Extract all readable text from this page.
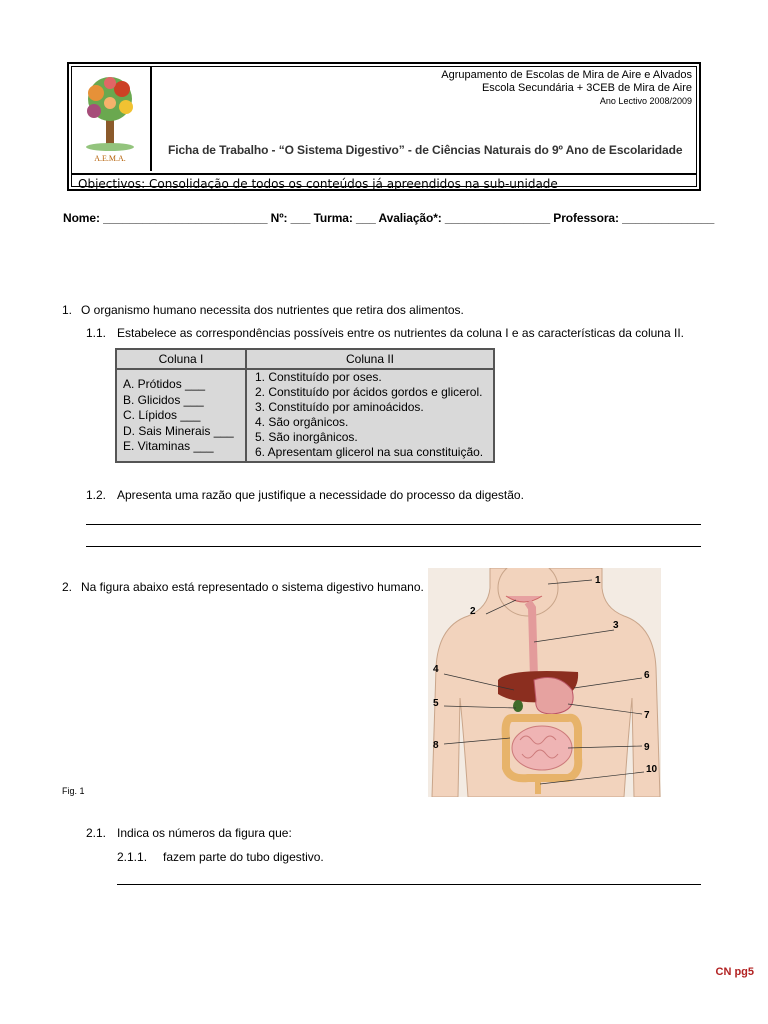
A.E.M.A.
Agrupamento de Escolas de Mira de Aire e Alvados
Escola Secundária + 3CEB de Mira de Aire
Ano Lectivo 2008/2009
Ficha de Trabalho - “O Sistema Digestivo” - de Ciências Naturais do 9º Ano de Escolaridade
Objectivos: Consolidação de todos os conteúdos já apreendidos na sub-unidade
Nome: _________________________ Nº: ___ Turma: ___ Avaliação*: ________________ Professora: ______________
1. O organismo humano necessita dos nutrientes que retira dos alimentos.
1.1. Estabelece as correspondências possíveis entre os nutrientes da coluna I e as características da coluna II.
Coluna I	Coluna II
A. Prótidos ___
B. Glicidos ___
C. Lípidos ___
D. Sais Minerais ___
E. Vitaminas ___
1. Constituído por oses.
2. Constituído por ácidos gordos e glicerol.
3. Constituído por aminoácidos.
4. São orgânicos.
5. São inorgânicos.
6. Apresentam glicerol na sua constituição.
1.2. Apresenta uma razão que justifique a necessidade do processo da digestão.
2. Na figura abaixo está representado o sistema digestivo humano.	1
2
3
4
5
6
7
8	9
10
Fig. 1
2.1. Indica os números da figura que:
2.1.1. fazem parte do tubo digestivo.
CN pg5
